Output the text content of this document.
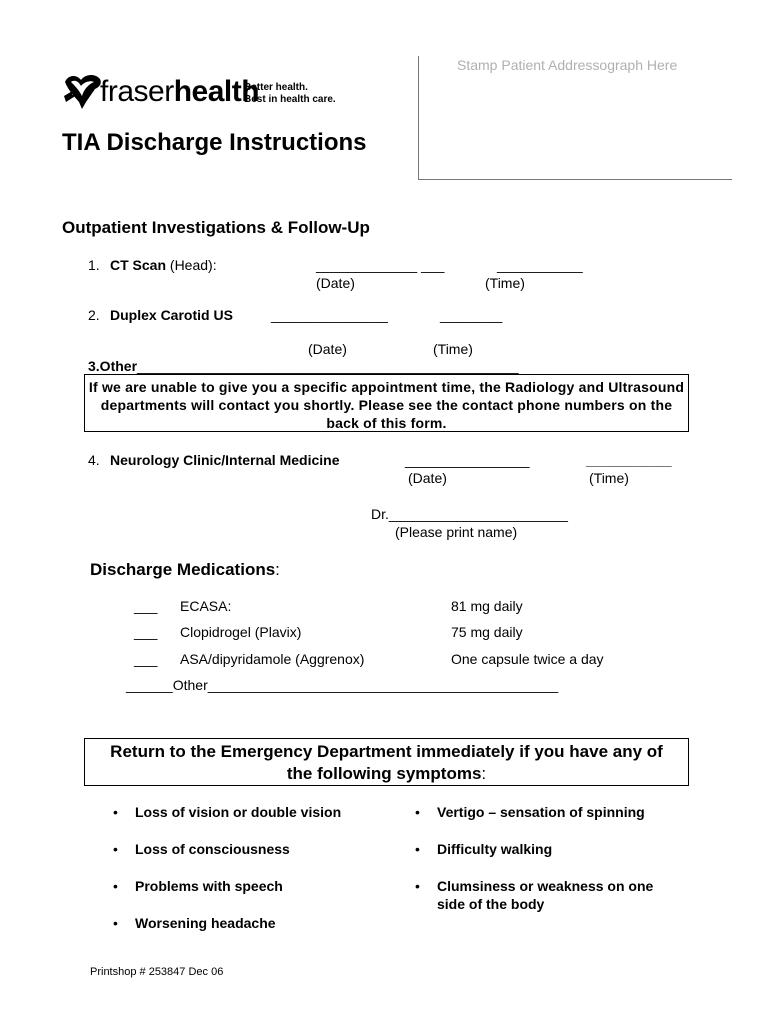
Stamp Patient Addressograph Here
fraserhealth
Better health.
Best in health care.
TIA Discharge Instructions
Outpatient Investigations & Follow-Up
1. CT Scan (Head):	_____________ ___	___________
(Date)	(Time)
2. Duplex Carotid US	_______________	________
(Date)	(Time)
3.Other_________________________________________________
If we are unable to give you a specific appointment time, the Radiology and Ultrasound departments will contact you shortly. Please see the contact phone numbers on the back of this form.
4. Neurology Clinic/Internal Medicine	________________	___________
(Date)	(Time)
Dr._______________________
(Please print name)
Discharge Medications:
___ ECASA:	81 mg daily
___ Clopidrogel (Plavix)	75 mg daily
___ ASA/dipyridamole (Aggrenox)	One capsule twice a day
______Other_____________________________________________
Return to the Emergency Department immediately if you have any of
the following symptoms:
• Loss of vision or double vision
• Loss of consciousness
• Problems with speech
• Worsening headache
• Vertigo – sensation of spinning
• Difficulty walking
• Clumsiness or weakness on one
side of the body
Printshop # 253847 Dec 06
